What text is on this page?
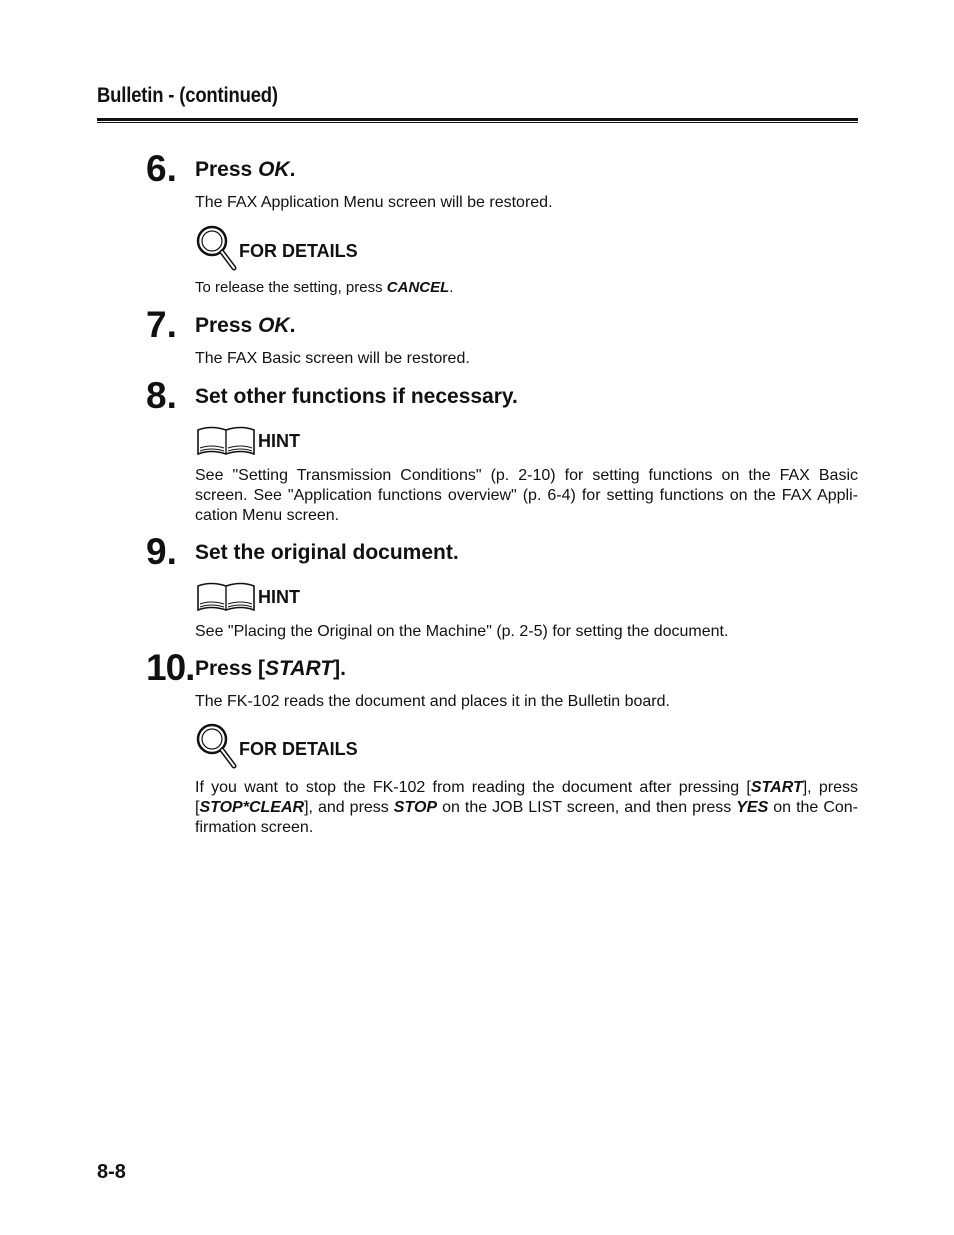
Bulletin - (continued)
6. Press OK.
The FAX Application Menu screen will be restored.
FOR DETAILS
To release the setting, press CANCEL.
7. Press OK.
The FAX Basic screen will be restored.
8. Set other functions if necessary.
HINT
See "Setting Transmission Conditions" (p. 2-10) for setting functions on the FAX Basic screen. See "Application functions overview" (p. 6-4) for setting functions on the FAX Appli-cation Menu screen.
9. Set the original document.
HINT
See "Placing the Original on the Machine" (p. 2-5) for setting the document.
10. Press [START].
The FK-102 reads the document and places it in the Bulletin board.
FOR DETAILS
If you want to stop the FK-102 from reading the document after pressing [START], press [STOP*CLEAR], and press STOP on the JOB LIST screen, and then press YES on the Con-firmation screen.
8-8
